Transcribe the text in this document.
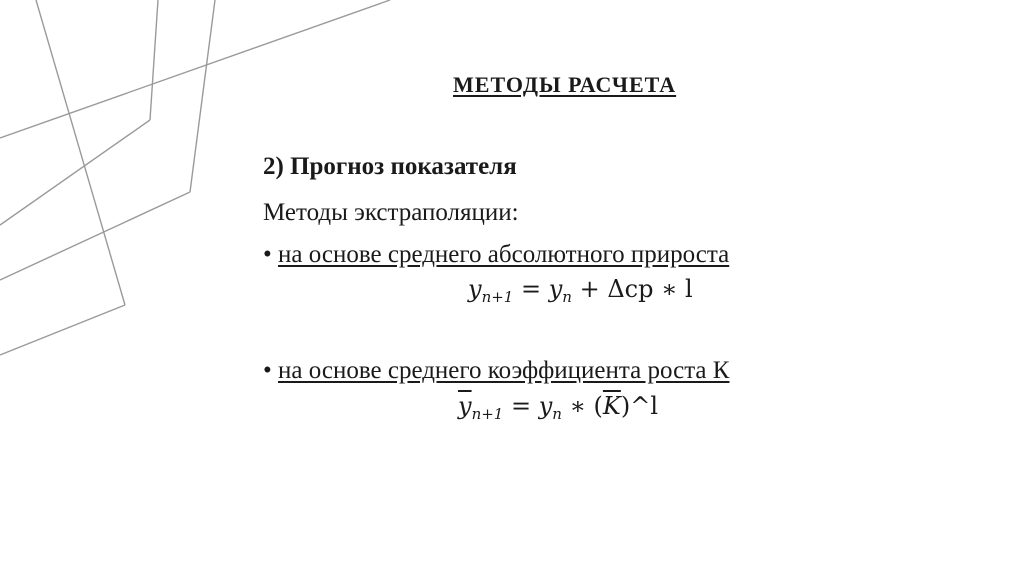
МЕТОДЫ РАСЧЕТА
2) Прогноз показателя
Методы экстраполяции:
• на основе среднего абсолютного прироста
$y_{n+1} = y_n + \Delta ср$ ∗ l
• на основе среднего коэффициента роста К
$\overline{y}_{n+1} = y_n$ ∗ $(\overline{K})\^{}l$
